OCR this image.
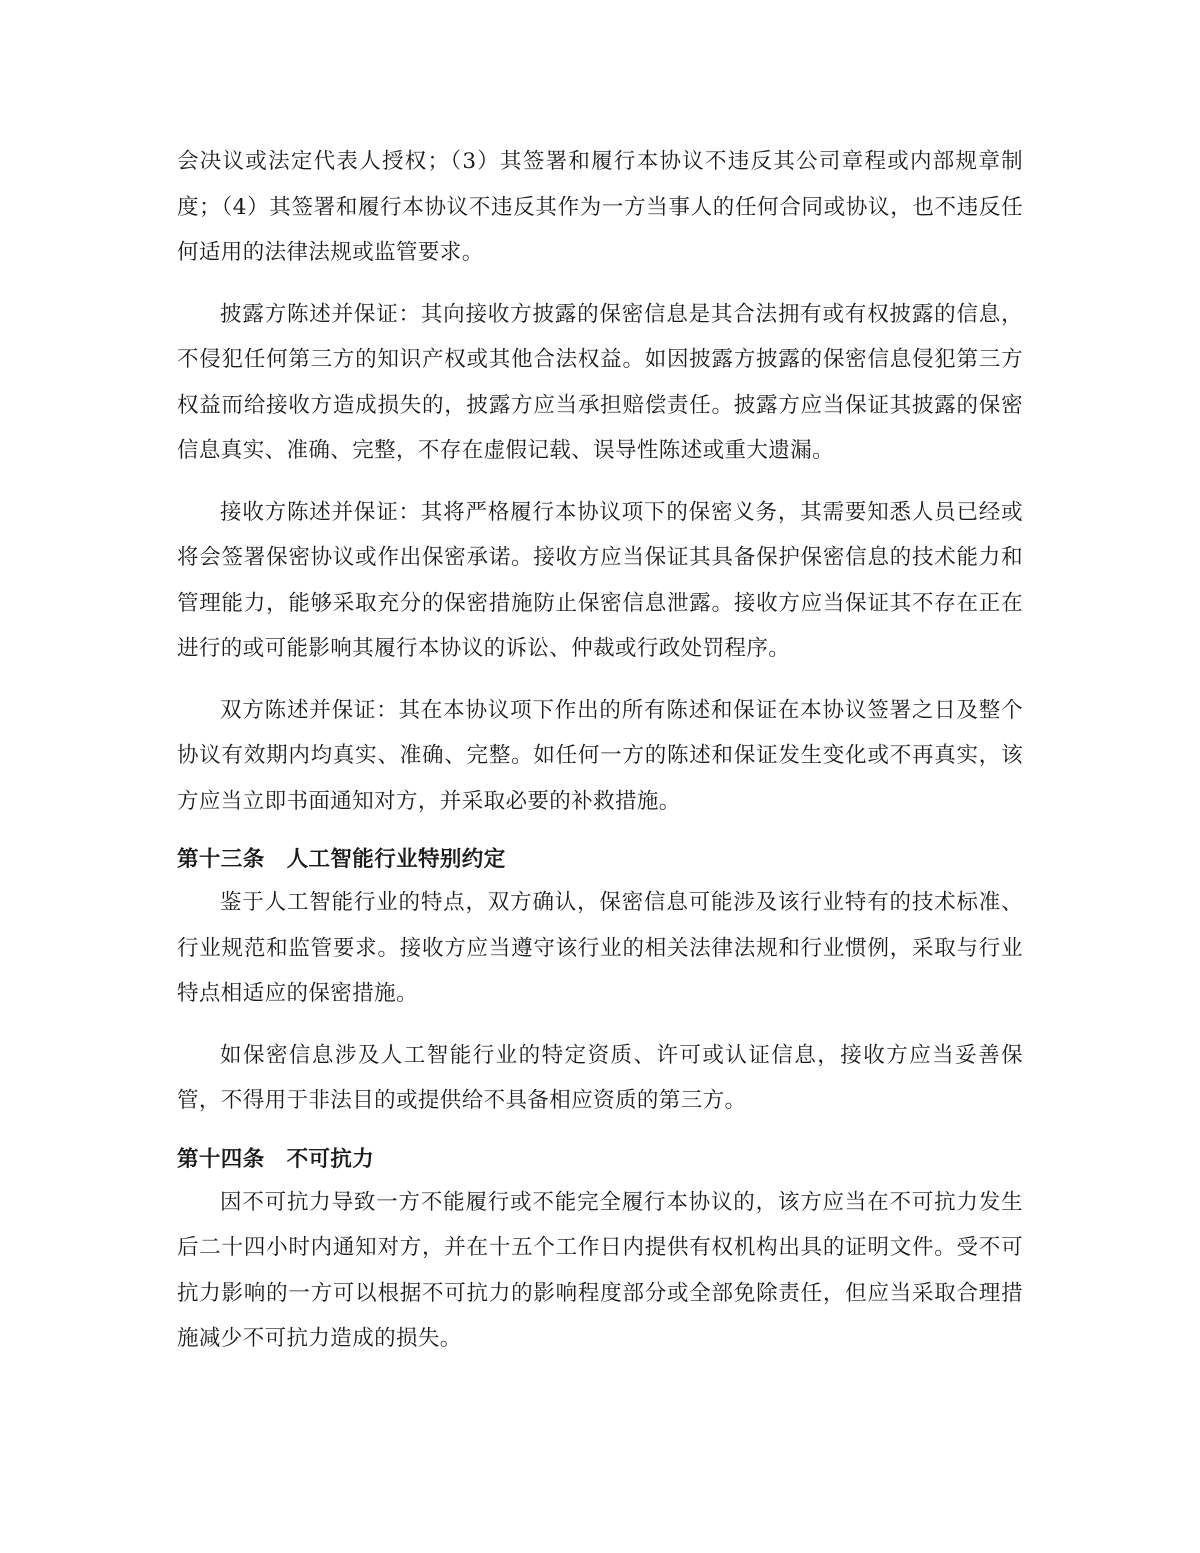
会决议或法定代表人授权；（3）其签署和履行本协议不违反其公司章程或内部规章制度；（4）其签署和履行本协议不违反其作为一方当事人的任何合同或协议，也不违反任何适用的法律法规或监管要求。

披露方陈述并保证：其向接收方披露的保密信息是其合法拥有或有权披露的信息，不侵犯任何第三方的知识产权或其他合法权益。如因披露方披露的保密信息侵犯第三方权益而给接收方造成损失的，披露方应当承担赔偿责任。披露方应当保证其披露的保密信息真实、准确、完整，不存在虚假记载、误导性陈述或重大遗漏。

接收方陈述并保证：其将严格履行本协议项下的保密义务，其需要知悉人员已经或将会签署保密协议或作出保密承诺。接收方应当保证其具备保护保密信息的技术能力和管理能力，能够采取充分的保密措施防止保密信息泄露。接收方应当保证其不存在正在进行的或可能影响其履行本协议的诉讼、仲裁或行政处罚程序。

双方陈述并保证：其在本协议项下作出的所有陈述和保证在本协议签署之日及整个协议有效期内均真实、准确、完整。如任何一方的陈述和保证发生变化或不再真实，该方应当立即书面通知对方，并采取必要的补救措施。

第十三条 人工智能行业特别约定

鉴于人工智能行业的特点，双方确认，保密信息可能涉及该行业特有的技术标准、行业规范和监管要求。接收方应当遵守该行业的相关法律法规和行业惯例，采取与行业特点相适应的保密措施。

如保密信息涉及人工智能行业的特定资质、许可或认证信息，接收方应当妥善保管，不得用于非法目的或提供给不具备相应资质的第三方。

第十四条 不可抗力

因不可抗力导致一方不能履行或不能完全履行本协议的，该方应当在不可抗力发生后二十四小时内通知对方，并在十五个工作日内提供有权机构出具的证明文件。受不可抗力影响的一方可以根据不可抗力的影响程度部分或全部免除责任，但应当采取合理措施减少不可抗力造成的损失。
